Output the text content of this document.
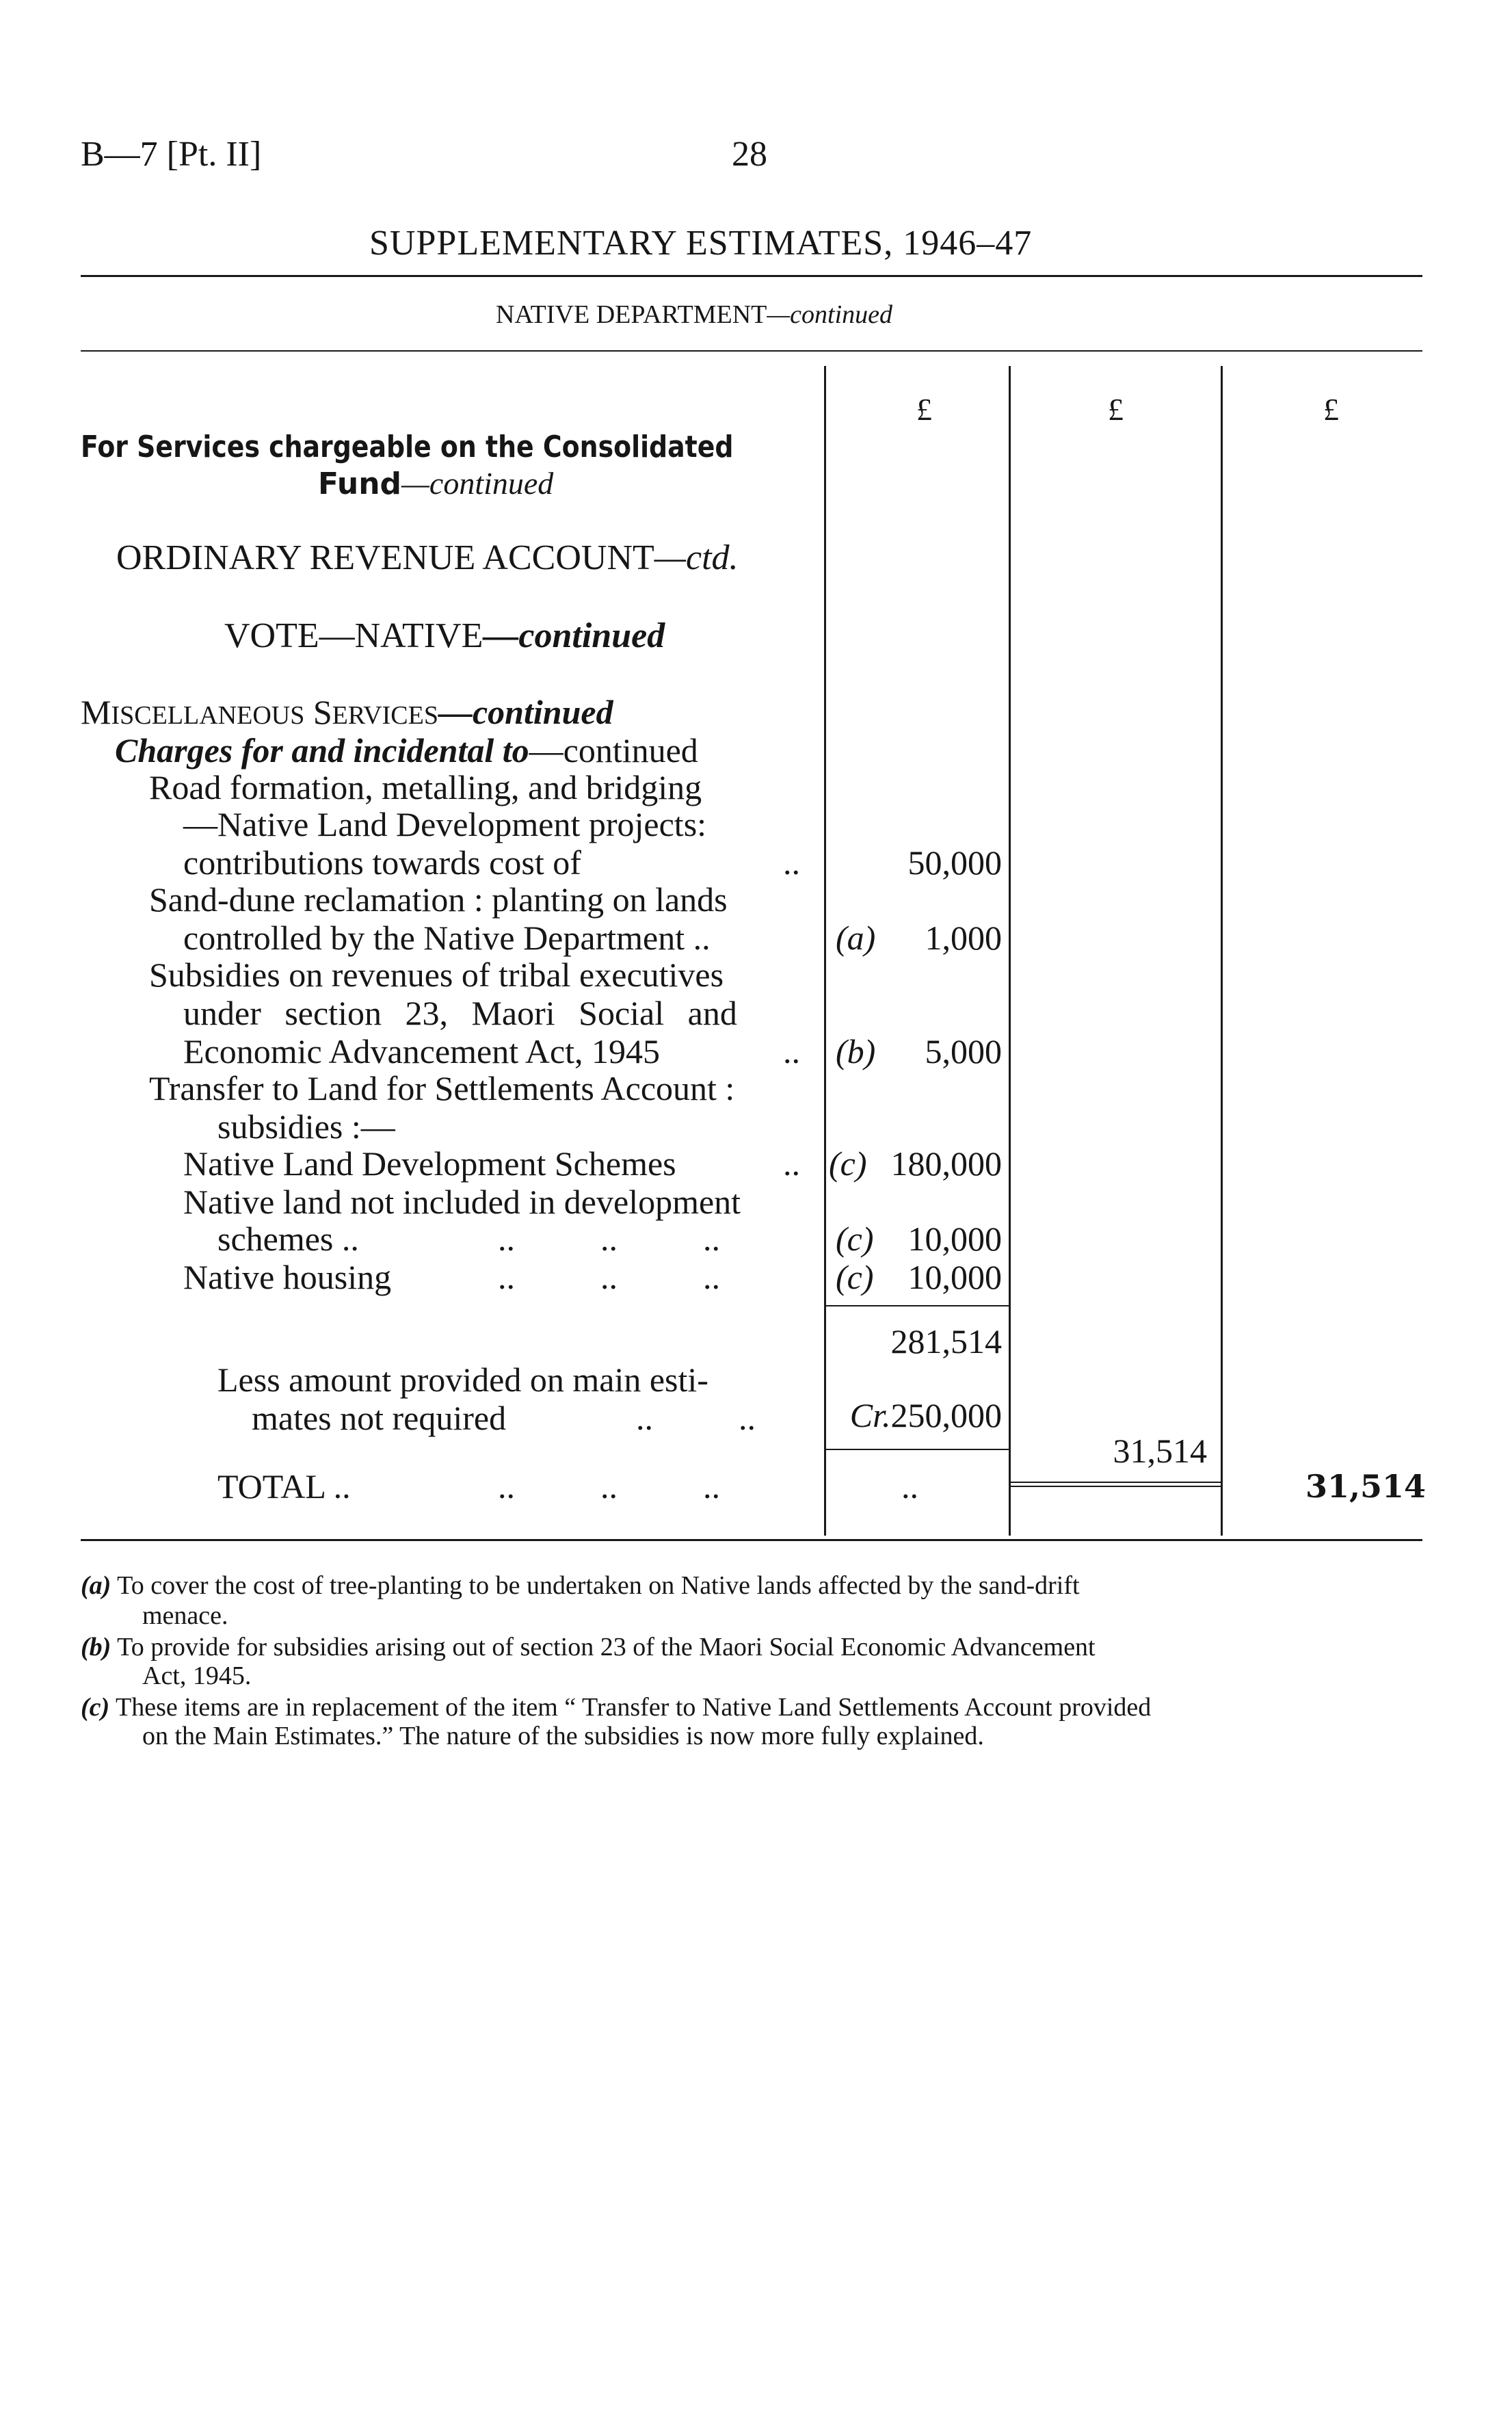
B—7 [Pt. II]	28
SUPPLEMENTARY ESTIMATES, 1946–47
NATIVE DEPARTMENT—continued
£	£	£
For Services chargeable on the Consolidated
Fund—continued
ORDINARY REVENUE ACCOUNT—ctd.
VOTE—NATIVE—continued
MISCELLANEOUS SERVICES—continued
Charges for and incidental to—continued
Road formation, metalling, and bridging
—Native Land Development projects:
contributions towards cost of	..	50,000
Sand-dune reclamation : planting on lands
controlled by the Native Department ..	(a)	1,000
Subsidies on revenues of tribal executives
under section 23, Maori Social and
Economic Advancement Act, 1945	.. (b)	5,000
Transfer to Land for Settlements Account :
subsidies :—
Native Land Development Schemes	.. (c) 180,000
Native land not included in development
schemes ..	..          ..          ..	(c)	10,000
Native housing	..          ..          ..	(c)	10,000
281,514
Less amount provided on main esti-
mates not required	..          ..	Cr.250,000
31,514
TOTAL ..	..          ..          ..	..	31,514
(a) To cover the cost of tree-planting to be undertaken on Native lands affected by the sand-drift
menace.
(b) To provide for subsidies arising out of section 23 of the Maori Social Economic Advancement
Act, 1945.
(c) These items are in replacement of the item “ Transfer to Native Land Settlements Account provided
on the Main Estimates.” The nature of the subsidies is now more fully explained.
